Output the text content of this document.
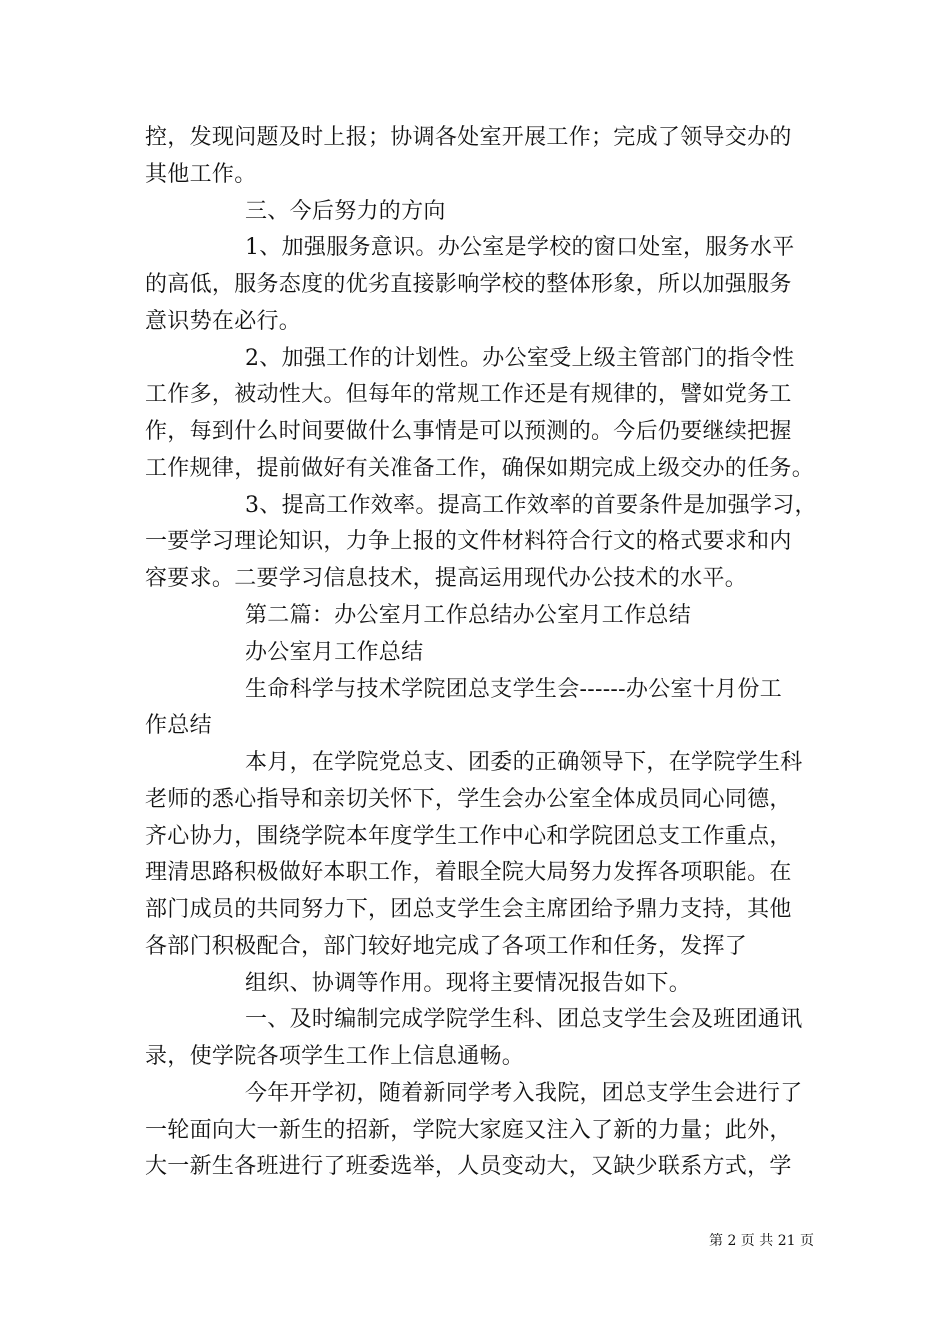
控，发现问题及时上报；协调各处室开展工作；完成了领导交办的
其他工作。
三、今后努力的方向
1、加强服务意识。办公室是学校的窗口处室，服务水平
的高低，服务态度的优劣直接影响学校的整体形象，所以加强服务
意识势在必行。
2、加强工作的计划性。办公室受上级主管部门的指令性
工作多，被动性大。但每年的常规工作还是有规律的，譬如党务工
作，每到什么时间要做什么事情是可以预测的。今后仍要继续把握
工作规律，提前做好有关准备工作，确保如期完成上级交办的任务。
3、提高工作效率。提高工作效率的首要条件是加强学习，
一要学习理论知识，力争上报的文件材料符合行文的格式要求和内
容要求。二要学习信息技术，提高运用现代办公技术的水平。
第二篇：办公室月工作总结办公室月工作总结
办公室月工作总结
生命科学与技术学院团总支学生会------办公室十月份工
作总结
本月，在学院党总支、团委的正确领导下，在学院学生科
老师的悉心指导和亲切关怀下，学生会办公室全体成员同心同德，
齐心协力，围绕学院本年度学生工作中心和学院团总支工作重点，
理清思路积极做好本职工作，着眼全院大局努力发挥各项职能。在
部门成员的共同努力下，团总支学生会主席团给予鼎力支持，其他
各部门积极配合，部门较好地完成了各项工作和任务，发挥了
组织、协调等作用。现将主要情况报告如下。
一、及时编制完成学院学生科、团总支学生会及班团通讯
录，使学院各项学生工作上信息通畅。
今年开学初，随着新同学考入我院，团总支学生会进行了
一轮面向大一新生的招新，学院大家庭又注入了新的力量；此外，
大一新生各班进行了班委选举，人员变动大，又缺少联系方式，学
第 2 页 共 21 页
